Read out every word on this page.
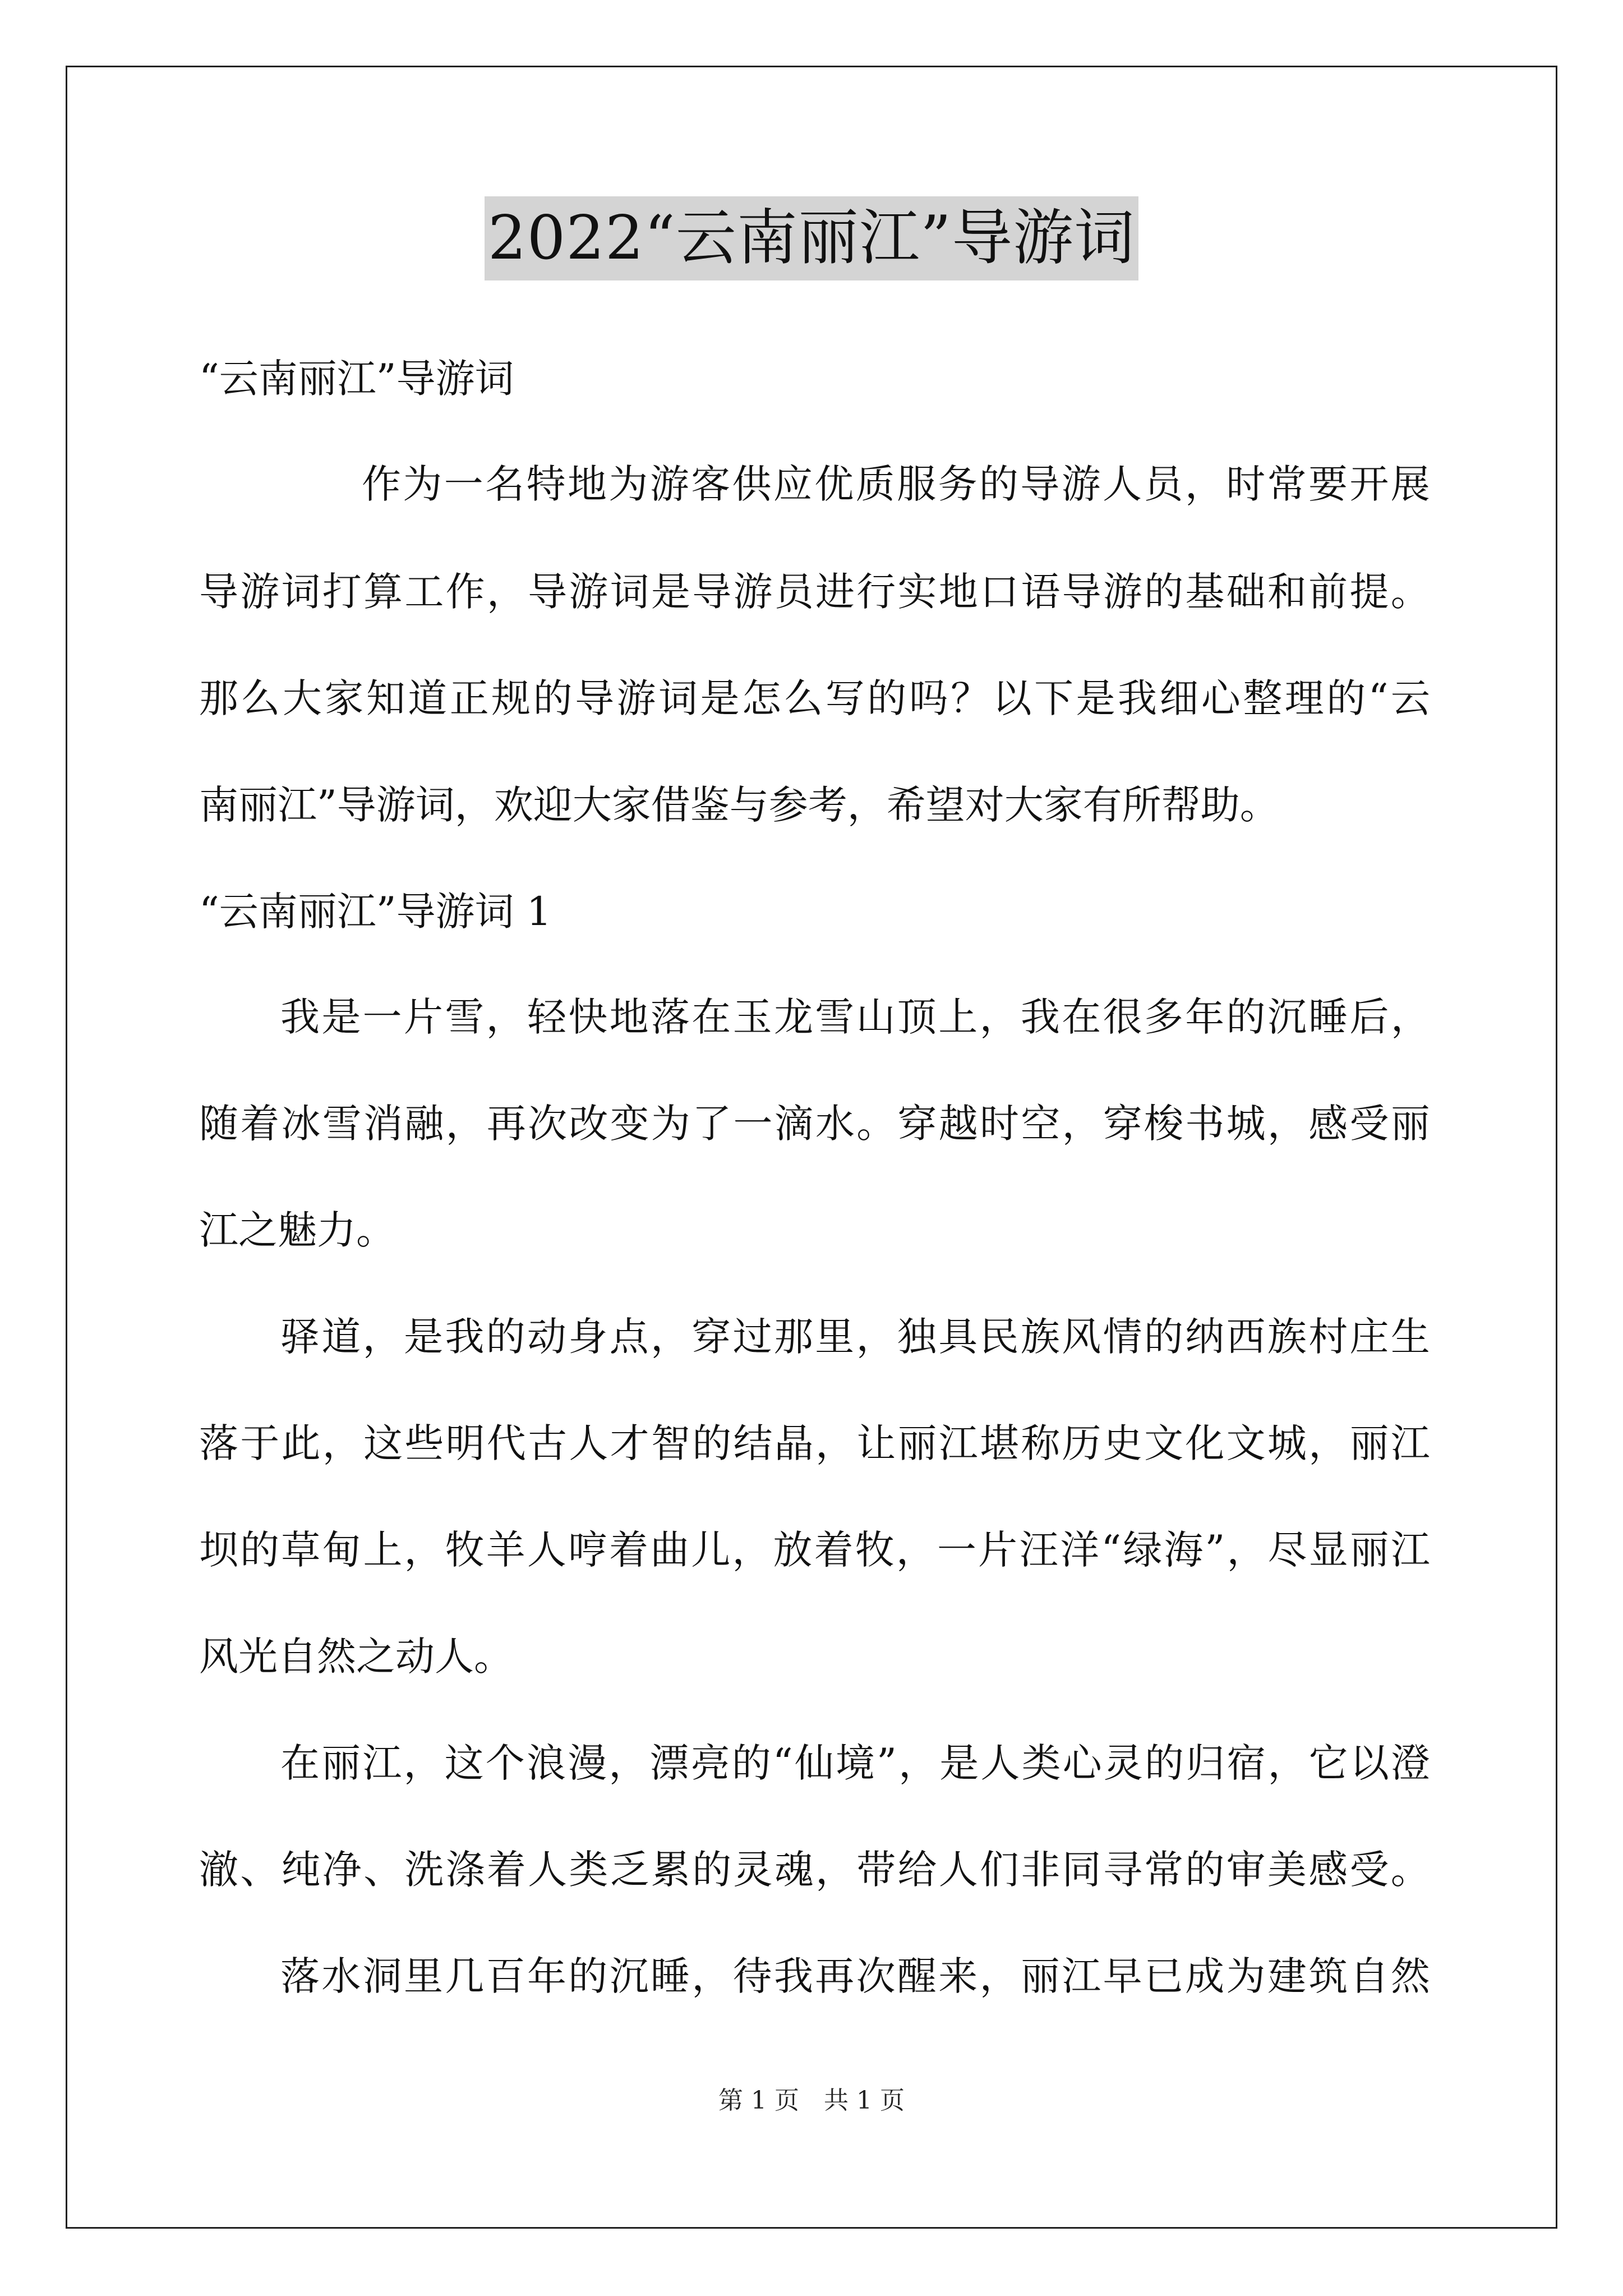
2022“云南丽江”导游词
“云南丽江”导游词
作 为 一 名 特 地 为 游 客 供 应 优 质 服 务 的 导 游 人 员 ， 时 常 要 开 展
导 游 词 打 算 工 作 ， 导 游 词 是 导 游 员 进 行 实 地 口 语 导 游 的 基 础 和 前 提 。
那 么 大 家 知 道 正 规 的 导 游 词 是 怎 么 写 的 吗 ？ 以 下 是 我 细 心 整 理 的 “ 云
南丽江”导游词，欢迎大家借鉴与参考，希望对大家有所帮助。
“云南丽江”导游词 1
我 是 一 片 雪 ， 轻 快 地 落 在 玉 龙 雪 山 顶 上 ， 我 在 很 多 年 的 沉 睡 后 ，
随 着 冰 雪 消 融 ， 再 次 改 变 为 了 一 滴 水 。 穿 越 时 空 ， 穿 梭 书 城 ， 感 受 丽
江之魅力。
驿 道 ， 是 我 的 动 身 点 ， 穿 过 那 里 ， 独 具 民 族 风 情 的 纳 西 族 村 庄 生
落 于 此 ， 这 些 明 代 古 人 才 智 的 结 晶 ， 让 丽 江 堪 称 历 史 文 化 文 城 ， 丽 江
坝 的 草 甸 上 ， 牧 羊 人 哼 着 曲 儿 ， 放 着 牧 ， 一 片 汪 洋 “ 绿 海 ” ， 尽 显 丽 江
风光自然之动人。
在 丽 江 ， 这 个 浪 漫 ， 漂 亮 的 “ 仙 境 ” ， 是 人 类 心 灵 的 归 宿 ， 它 以 澄
澈 、 纯 净 、 洗 涤 着 人 类 乏 累 的 灵 魂 ， 带 给 人 们 非 同 寻 常 的 审 美 感 受 。
落 水 洞 里 几 百 年 的 沉 睡 ， 待 我 再 次 醒 来 ， 丽 江 早 已 成 为 建 筑 自 然
第 1 页　共 1 页
